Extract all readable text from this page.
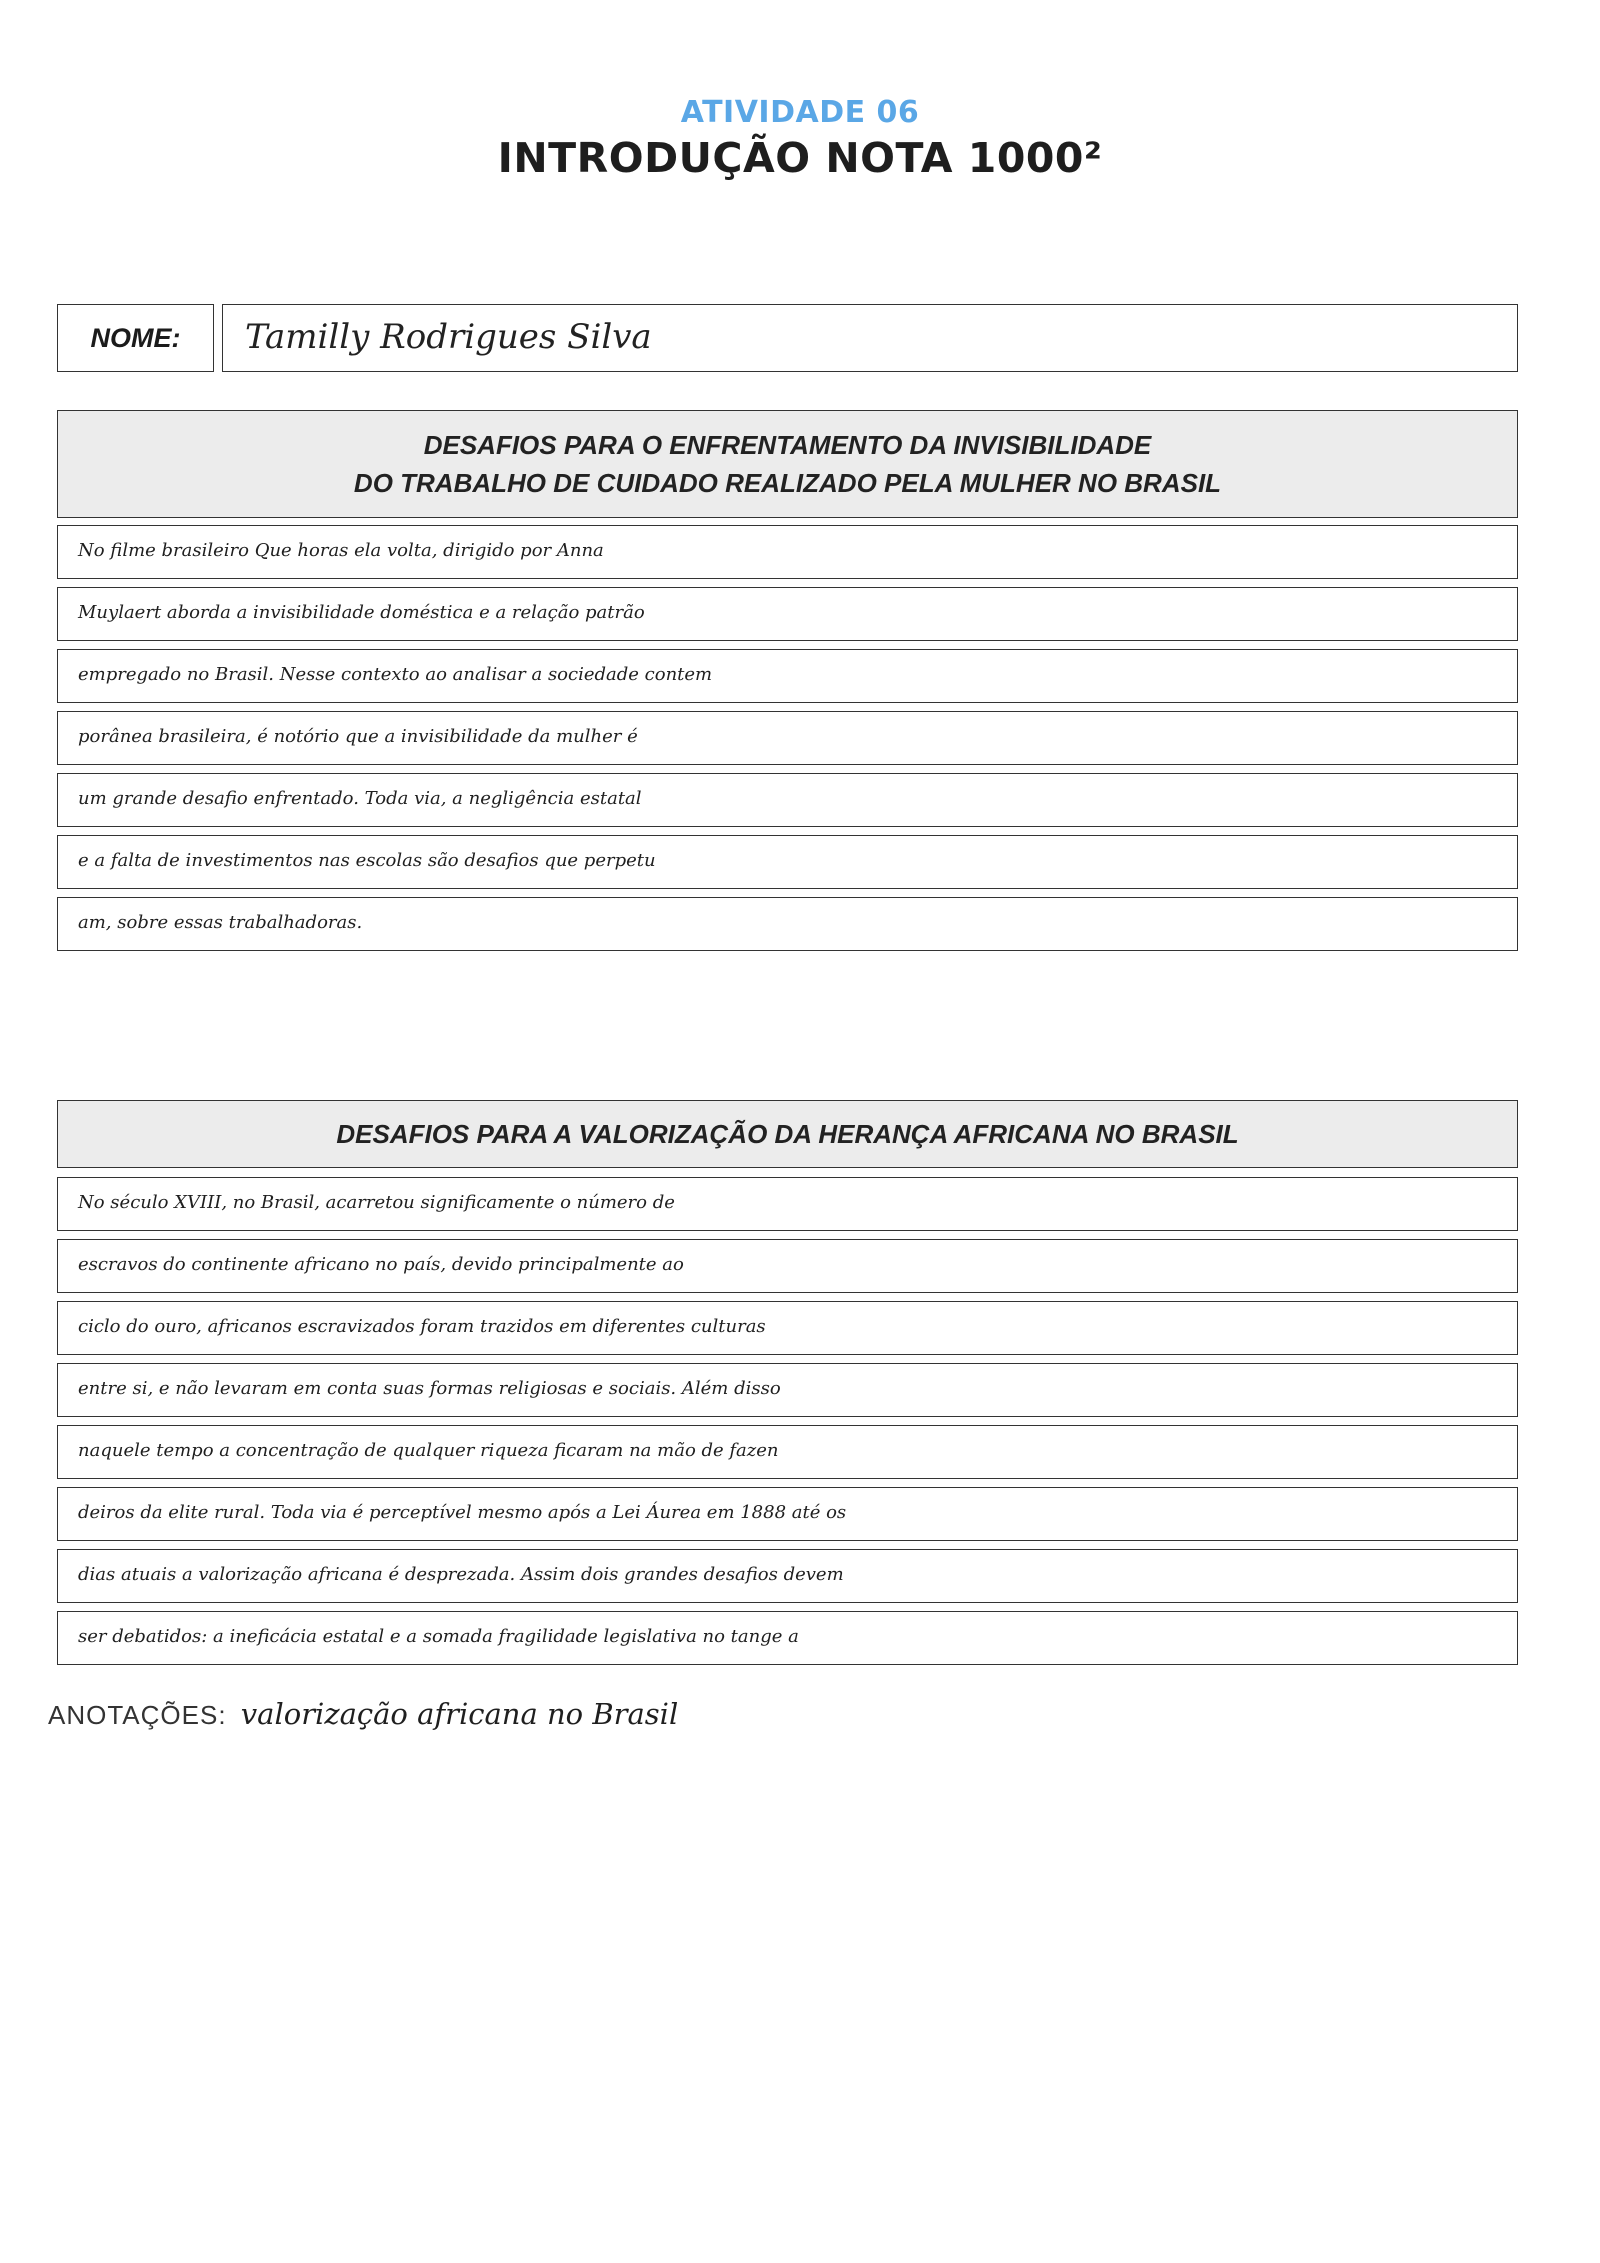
ATIVIDADE 06
INTRODUÇÃO NOTA 1000²
NOME:	Tamilly Rodrigues Silva
DESAFIOS PARA O ENFRENTAMENTO DA INVISIBILIDADE
DO TRABALHO DE CUIDADO REALIZADO PELA MULHER NO BRASIL
No filme brasileiro Que horas ela volta, dirigido por Anna
Muylaert aborda a invisibilidade doméstica e a relação patrão
empregado no Brasil. Nesse contexto ao analisar a sociedade contem
porânea brasileira, é notório que a invisibilidade da mulher é
um grande desafio enfrentado. Toda via, a negligência estatal
e a falta de investimentos nas escolas são desafios que perpetu
am, sobre essas trabalhadoras.
DESAFIOS PARA A VALORIZAÇÃO DA HERANÇA AFRICANA NO BRASIL
No século XVIII, no Brasil, acarretou significamente o número de
escravos do continente africano no país, devido principalmente ao
ciclo do ouro, africanos escravizados foram trazidos em diferentes culturas
entre si, e não levaram em conta suas formas religiosas e sociais. Além disso
naquele tempo a concentração de qualquer riqueza ficaram na mão de fazen
deiros da elite rural. Toda via é perceptível mesmo após a Lei Áurea em 1888 até os
dias atuais a valorização africana é desprezada. Assim dois grandes desafios devem
ser debatidos: a ineficácia estatal e a somada fragilidade legislativa no tange a
ANOTAÇÕES: valorização africana no Brasil
